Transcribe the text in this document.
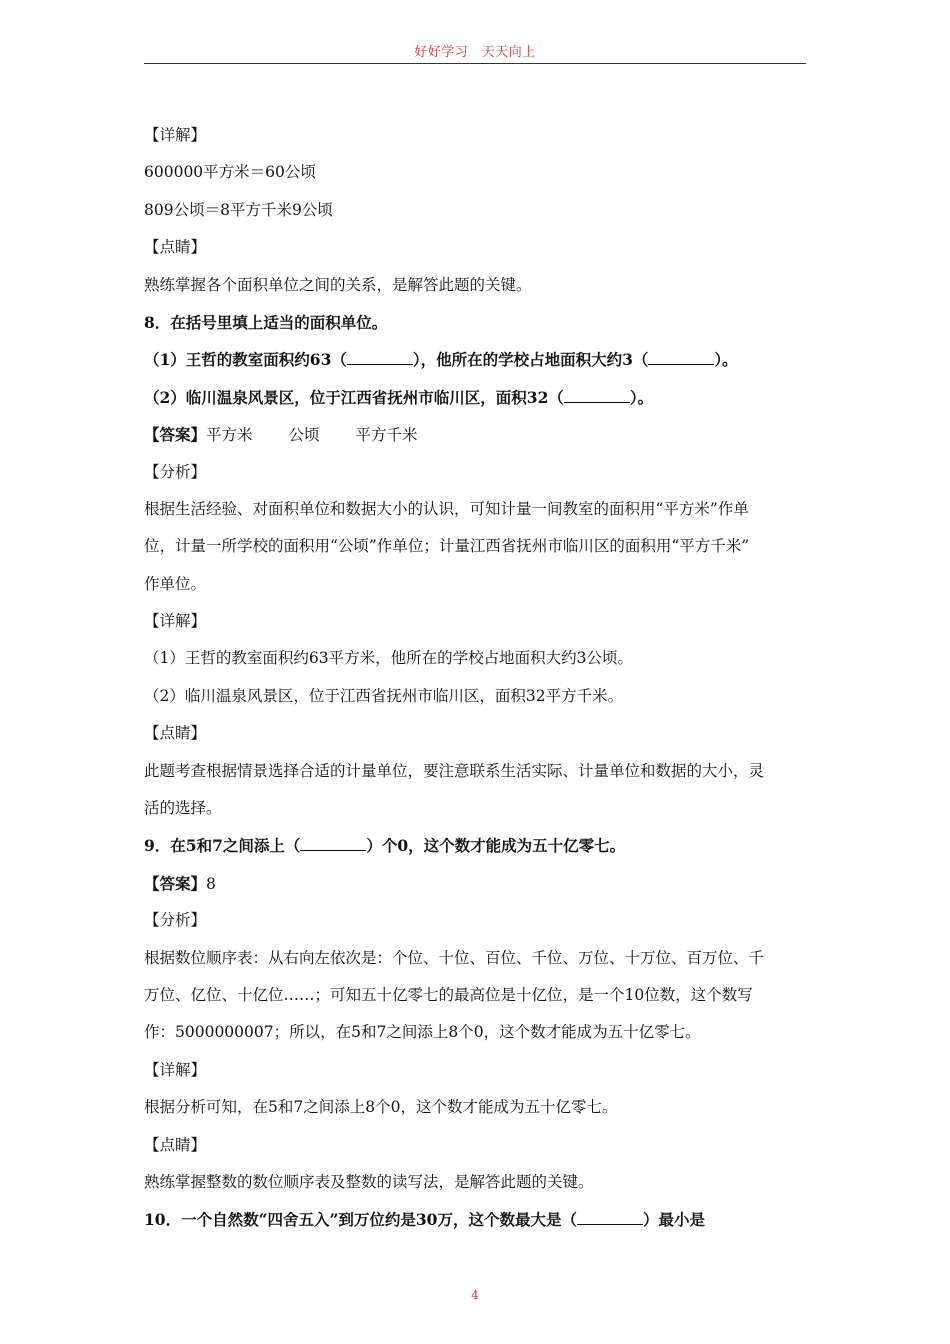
好好学习　天天向上
【详解】
600000平方米＝60公顷
809公顷＝8平方千米9公顷
【点睛】
熟练掌握各个面积单位之间的关系，是解答此题的关键。
8．在括号里填上适当的面积单位。
（1）王哲的教室面积约63（	），他所在的学校占地面积大约3（	）。
（2）临川温泉风景区，位于江西省抚州市临川区，面积32（	）。
【答案】平方米 公顷 平方千米
【分析】
根据生活经验、对面积单位和数据大小的认识，可知计量一间教室的面积用“平方米”作单
位，计量一所学校的面积用“公顷”作单位；计量江西省抚州市临川区的面积用“平方千米”
作单位。
【详解】
（1）王哲的教室面积约63平方米，他所在的学校占地面积大约3公顷。
（2）临川温泉风景区，位于江西省抚州市临川区，面积32平方千米。
【点睛】
此题考查根据情景选择合适的计量单位，要注意联系生活实际、计量单位和数据的大小，灵
活的选择。
9．在5和7之间添上（	）个0，这个数才能成为五十亿零七。
【答案】8
【分析】
根据数位顺序表：从右向左依次是：个位、十位、百位、千位、万位、十万位、百万位、千
万位、亿位、十亿位……；可知五十亿零七的最高位是十亿位，是一个10位数，这个数写
作：5000000007；所以，在5和7之间添上8个0，这个数才能成为五十亿零七。
【详解】
根据分析可知，在5和7之间添上8个0，这个数才能成为五十亿零七。
【点睛】
熟练掌握整数的数位顺序表及整数的读写法，是解答此题的关键。
10．一个自然数“四舍五入”到万位约是30万，这个数最大是（	）最小是
4
